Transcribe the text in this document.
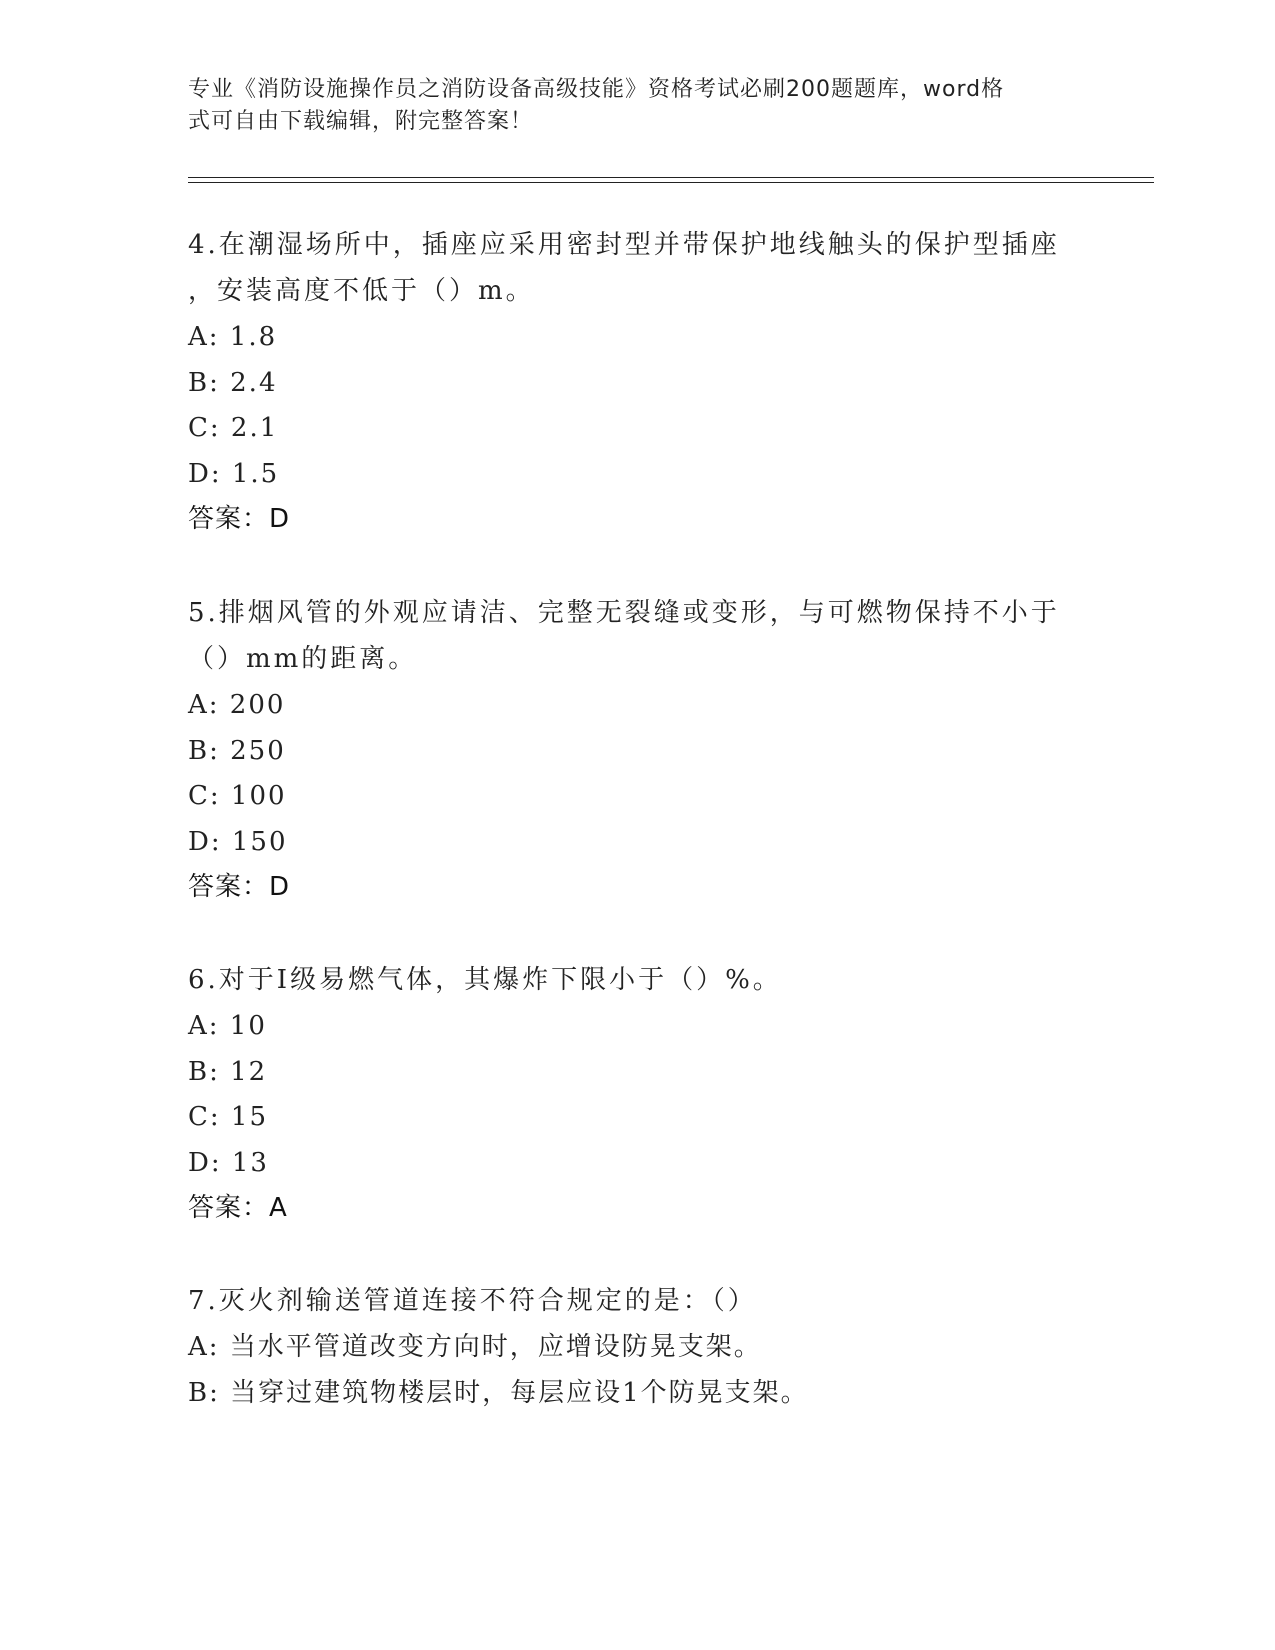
专业《消防设施操作员之消防设备高级技能》资格考试必刷200题题库，word格
式可自由下载编辑，附完整答案！
4.在潮湿场所中，插座应采用密封型并带保护地线触头的保护型插座
，安装高度不低于（）m。
A: 1.8
B: 2.4
C: 2.1
D: 1.5
答案：D
5.排烟风管的外观应请洁、完整无裂缝或变形，与可燃物保持不小于
（）mm的距离。
A: 200
B: 250
C: 100
D: 150
答案：D
6.对于Ⅰ级易燃气体，其爆炸下限小于（）%。
A: 10
B: 12
C: 15
D: 13
答案：A
7.灭火剂输送管道连接不符合规定的是：（）
A: 当水平管道改变方向时，应增设防晃支架。
B: 当穿过建筑物楼层时，每层应设1个防晃支架。
